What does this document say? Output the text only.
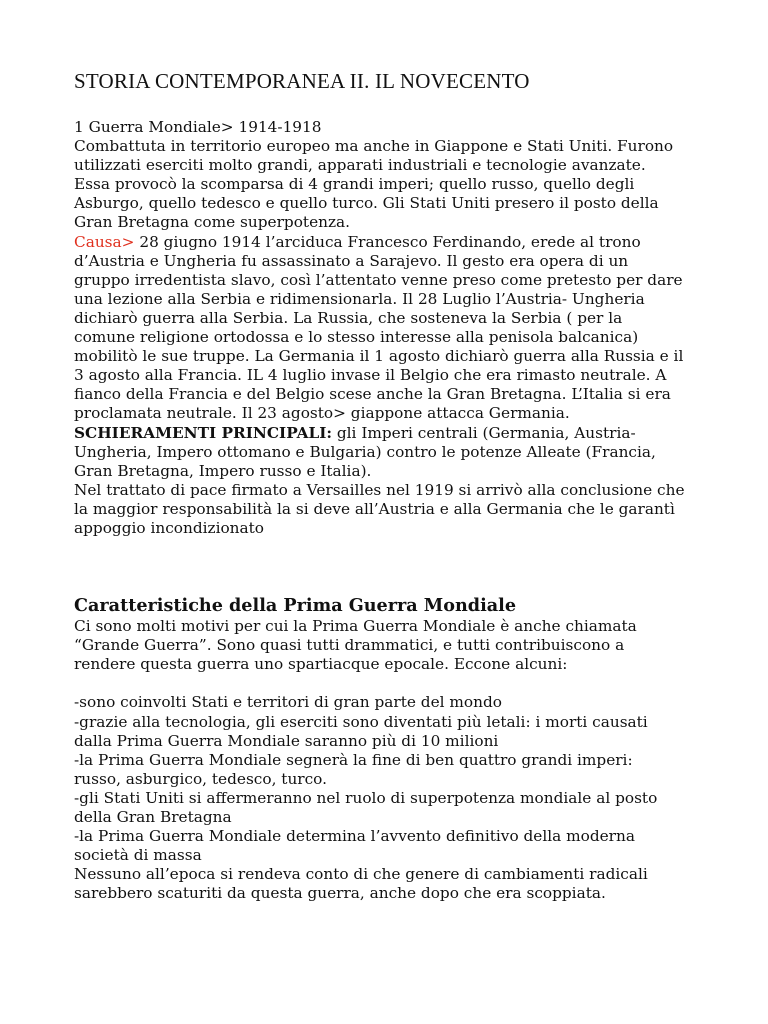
STORIA CONTEMPORANEA II. IL NOVECENTO
1 Guerra Mondiale> 1914-1918
Combattuta in territorio europeo ma anche in Giappone e Stati Uniti. Furono
utilizzati eserciti molto grandi, apparati industriali e tecnologie avanzate.
Essa provocò la scomparsa di 4 grandi imperi; quello russo, quello degli
Asburgo, quello tedesco e quello turco. Gli Stati Uniti presero il posto della
Gran Bretagna come superpotenza.
Causa> 28 giugno 1914 l’arciduca Francesco Ferdinando, erede al trono
d’Austria e Ungheria fu assassinato a Sarajevo. Il gesto era opera di un
gruppo irredentista slavo, così l’attentato venne preso come pretesto per dare
una lezione alla Serbia e ridimensionarla. Il 28 Luglio l’Austria- Ungheria
dichiarò guerra alla Serbia. La Russia, che sosteneva la Serbia ( per la
comune religione ortodossa e lo stesso interesse alla penisola balcanica)
mobilitò le sue truppe. La Germania il 1 agosto dichiarò guerra alla Russia e il
3 agosto alla Francia. IL 4 luglio invase il Belgio che era rimasto neutrale. A
fianco della Francia e del Belgio scese anche la Gran Bretagna. L’Italia si era
proclamata neutrale. Il 23 agosto> giappone attacca Germania.
SCHIERAMENTI PRINCIPALI: gli Imperi centrali (Germania, Austria-
Ungheria, Impero ottomano e Bulgaria) contro le potenze Alleate (Francia,
Gran Bretagna, Impero russo e Italia).
Nel trattato di pace firmato a Versailles nel 1919 si arrivò alla conclusione che
la maggior responsabilità la si deve all’Austria e alla Germania che le garantì
appoggio incondizionato
Caratteristiche della Prima Guerra Mondiale
Ci sono molti motivi per cui la Prima Guerra Mondiale è anche chiamata
“Grande Guerra”. Sono quasi tutti drammatici, e tutti contribuiscono a
rendere questa guerra uno spartiacque epocale. Eccone alcuni:
-sono coinvolti Stati e territori di gran parte del mondo
-grazie alla tecnologia, gli eserciti sono diventati più letali: i morti causati
dalla Prima Guerra Mondiale saranno più di 10 milioni
-la Prima Guerra Mondiale segnerà la fine di ben quattro grandi imperi:
russo, asburgico, tedesco, turco.
-gli Stati Uniti si affermeranno nel ruolo di superpotenza mondiale al posto
della Gran Bretagna
-la Prima Guerra Mondiale determina l’avvento definitivo della moderna
società di massa
Nessuno all’epoca si rendeva conto di che genere di cambiamenti radicali
sarebbero scaturiti da questa guerra, anche dopo che era scoppiata.
